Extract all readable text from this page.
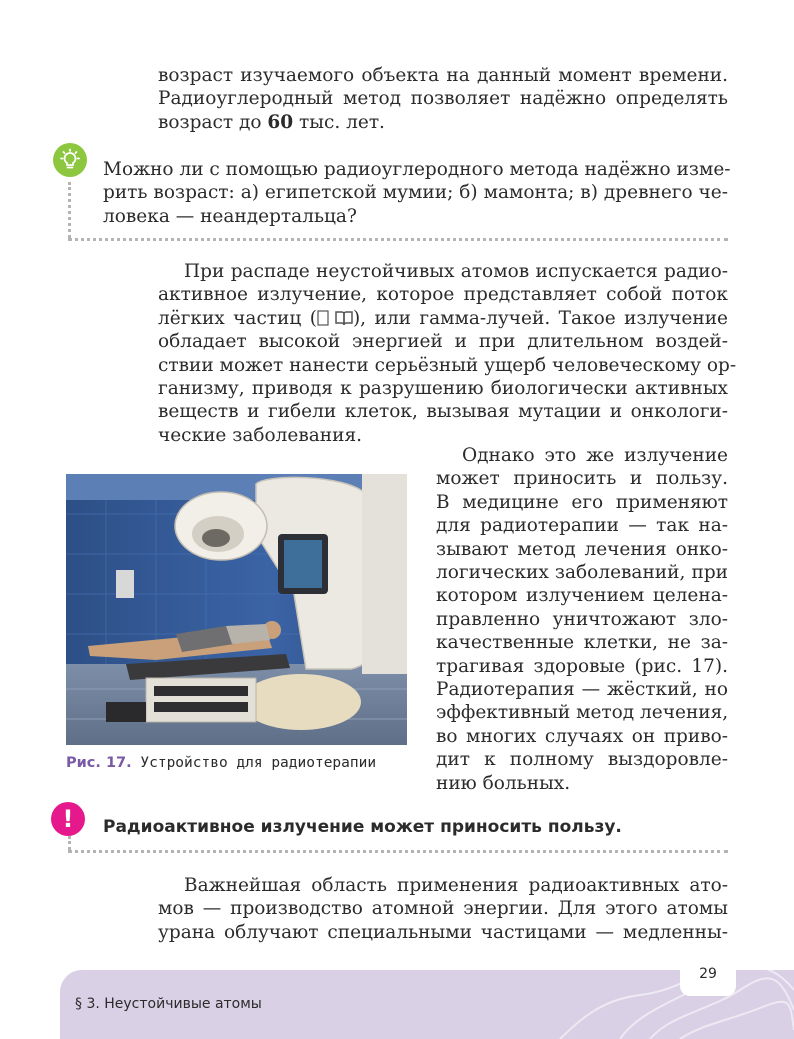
возраст изучаемого объекта на данный момент времени.
Радиоуглеродный метод позволяет надёжно определять
возраст до 60 тыс. лет.
Можно ли с помощью радиоуглеродного метода надёжно изме-
рить возраст: а) египетской мумии; б) мамонта; в) древнего че-
ловека — неандертальца?
При распаде неустойчивых атомов испускается радио-
активное излучение, которое представляет собой поток
лёгких частиц ( ), или гамма-лучей. Такое излучение
обладает высокой энергией и при длительном воздей-
ствии может нанести серьёзный ущерб человеческому ор-
ганизму, приводя к разрушению биологически активных
веществ и гибели клеток, вызывая мутации и онкологи-
ческие заболевания.
Однако это же излучение
может приносить и пользу.
В медицине его применяют
для радиотерапии — так на-
зывают метод лечения онко-
логических заболеваний, при
котором излучением целена-
правленно уничтожают зло-
качественные клетки, не за-
трагивая здоровые (рис. 17).
Радиотерапия — жёсткий, но
эффективный метод лечения,
во многих случаях он приво-
дит к полному выздоровле-
нию больных.
Рис. 17. Устройство для радиотерапии
! Радиоактивное излучение может приносить пользу.
Важнейшая область применения радиоактивных ато-
мов — производство атомной энергии. Для этого атомы
урана облучают специальными частицами — медленны-
29
§ 3. Неустойчивые атомы
